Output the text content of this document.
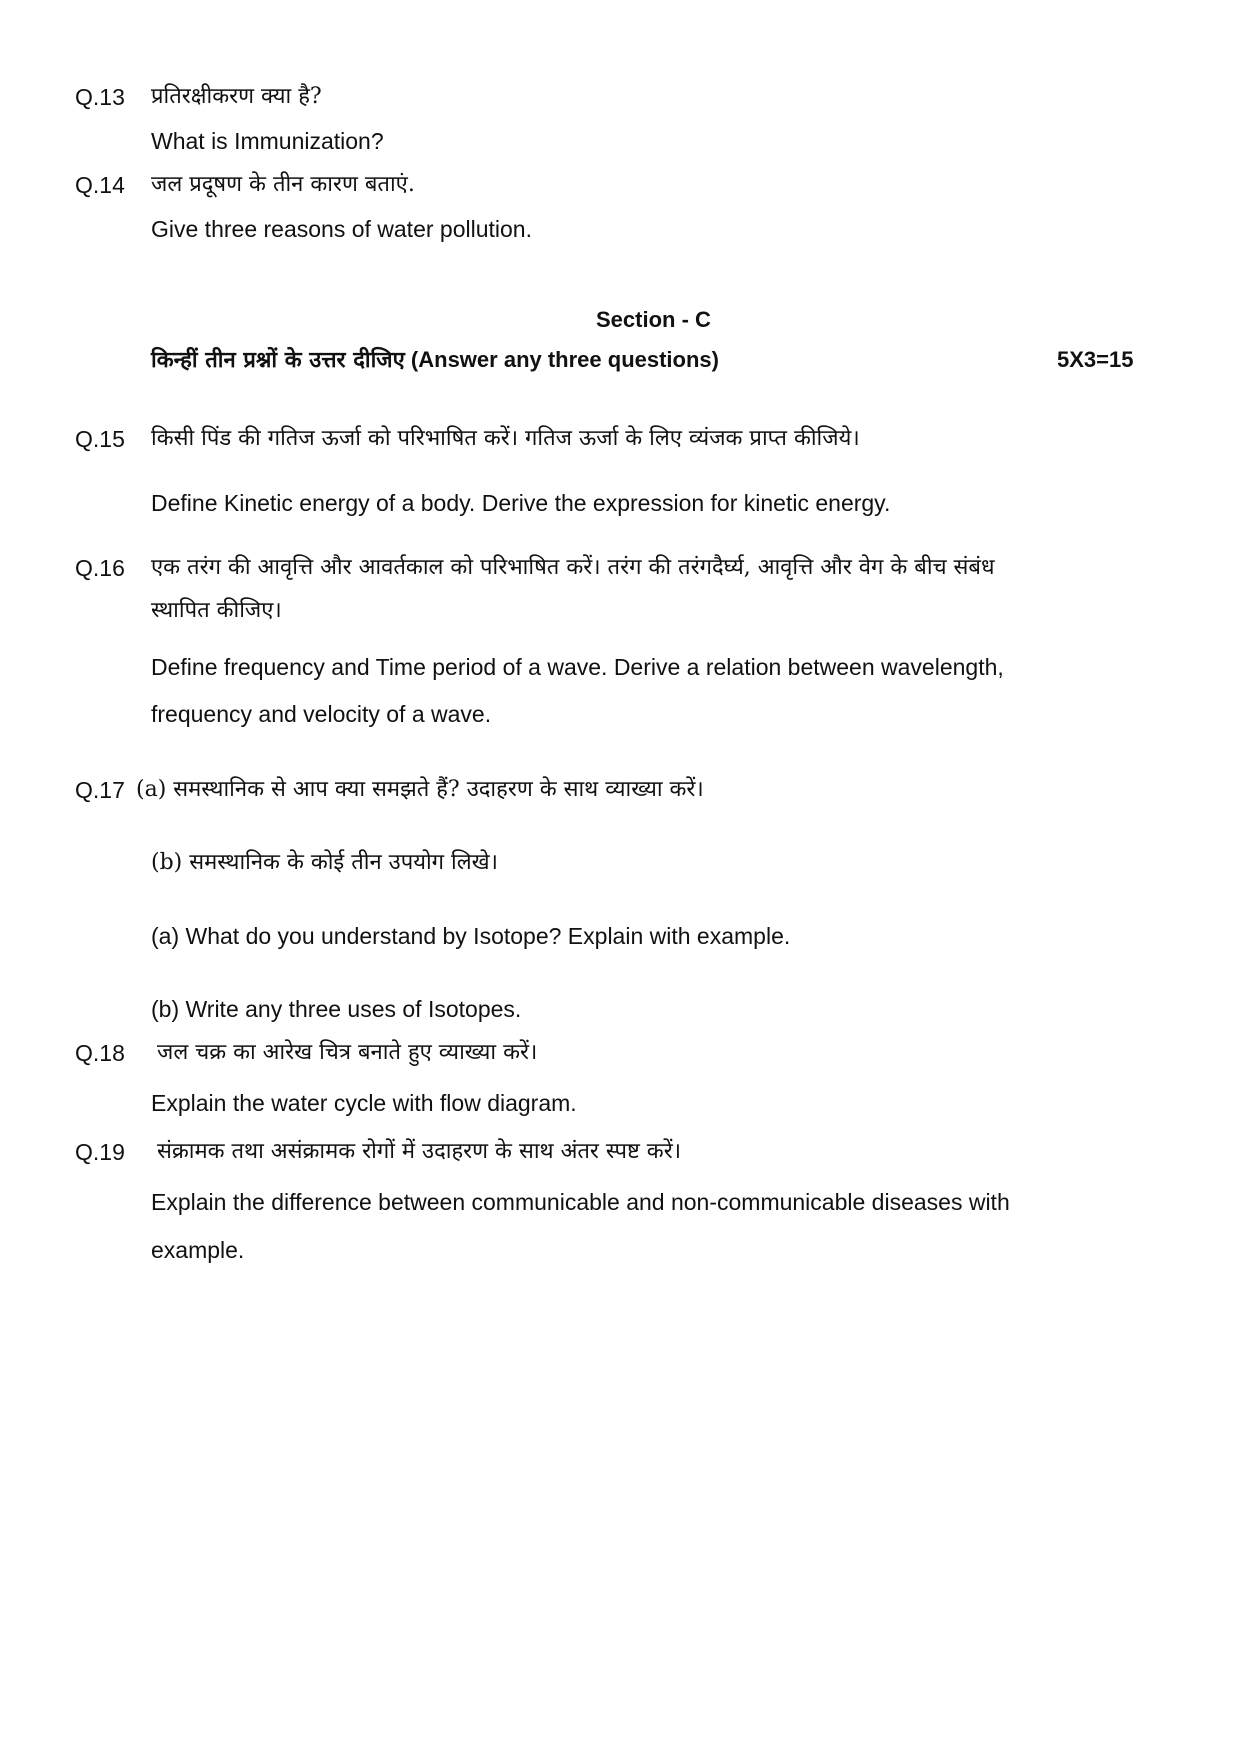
Q.13 प्रतिरक्षीकरण क्या है?
What is Immunization?
Q.14 जल प्रदूषण के तीन कारण बताएं.
Give three reasons of water pollution.
Section - C
किन्हीं तीन प्रश्नों के उत्तर दीजिए (Answer any three questions)	5X3=15
Q.15 किसी पिंड की गतिज ऊर्जा को परिभाषित करें। गतिज ऊर्जा के लिए व्यंजक प्राप्त कीजिये।
Define Kinetic energy of a body. Derive the expression for kinetic energy.
Q.16 एक तरंग की आवृत्ति और आवर्तकाल को परिभाषित करें। तरंग की तरंगदैर्घ्य, आवृत्ति और वेग के बीच संबंध
स्थापित कीजिए।
Define frequency and Time period of a wave. Derive a relation between wavelength,
frequency and velocity of a wave.
Q.17 (a) समस्थानिक से आप क्या समझते हैं? उदाहरण के साथ व्याख्या करें।
(b) समस्थानिक के कोई तीन उपयोग लिखे।
(a) What do you understand by Isotope? Explain with example.
(b) Write any three uses of Isotopes.
Q.18 जल चक्र का आरेख चित्र बनाते हुए व्याख्या करें।
Explain the water cycle with flow diagram.
Q.19 संक्रामक तथा असंक्रामक रोगों में उदाहरण के साथ अंतर स्पष्ट करें।
Explain the difference between communicable and non-communicable diseases with
example.
